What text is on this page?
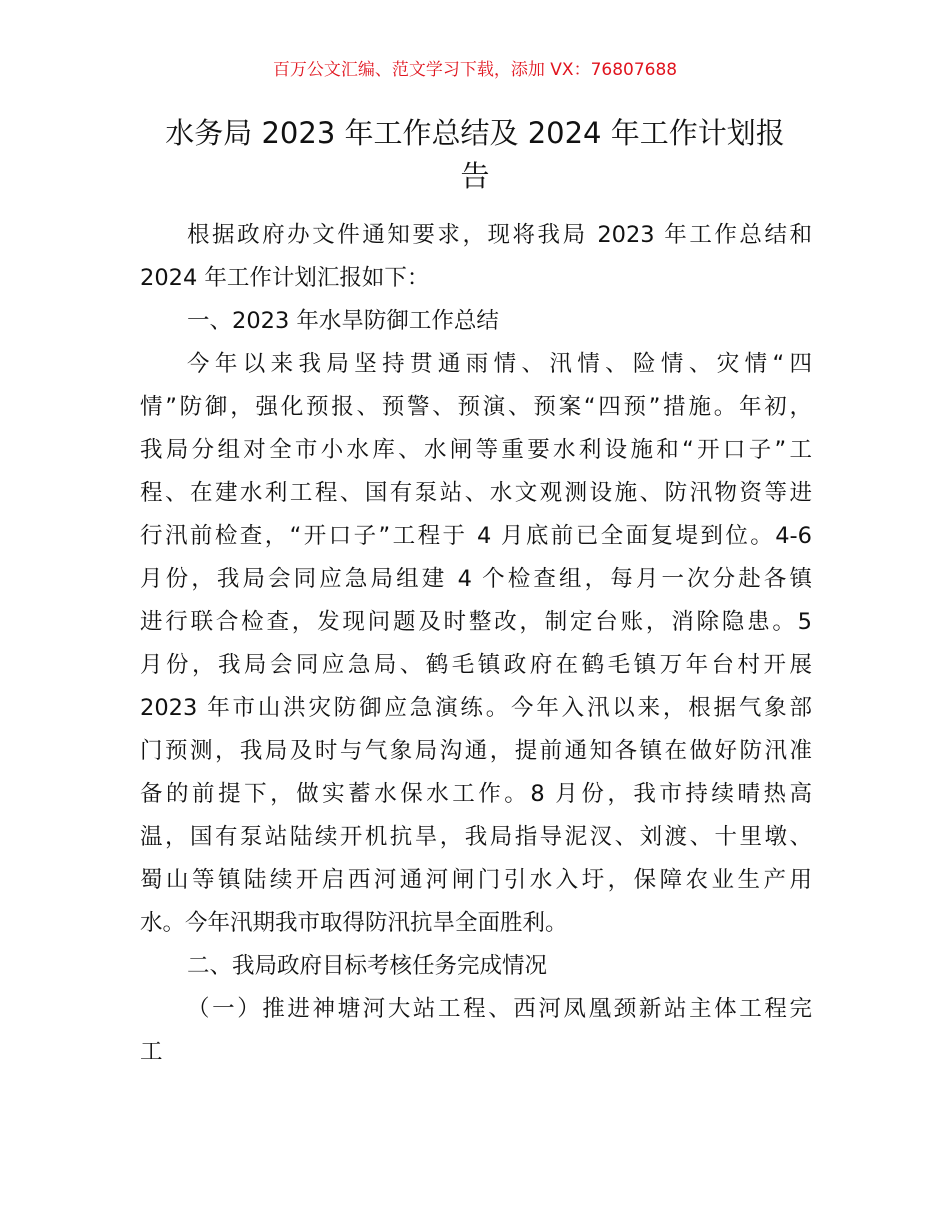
百万公文汇编、范文学习下载，添加 VX：76807688
水务局 2023 年工作总结及 2024 年工作计划报
告
根据政府办文件通知要求，现将我局 2023 年工作总结和
2024 年工作计划汇报如下：
一、2023 年水旱防御工作总结
今年以来我局坚持贯通雨情、汛情、险情、灾情“四
情”防御，强化预报、预警、预演、预案“四预”措施。年初，
我局分组对全市小水库、水闸等重要水利设施和“开口子”工
程、在建水利工程、国有泵站、水文观测设施、防汛物资等进
行汛前检查，“开口子”工程于 4 月底前已全面复堤到位。4-6
月份，我局会同应急局组建 4 个检查组，每月一次分赴各镇
进行联合检查，发现问题及时整改，制定台账，消除隐患。5
月份，我局会同应急局、鹤毛镇政府在鹤毛镇万年台村开展
2023 年市山洪灾防御应急演练。今年入汛以来，根据气象部
门预测，我局及时与气象局沟通，提前通知各镇在做好防汛准
备的前提下，做实蓄水保水工作。8 月份，我市持续晴热高
温，国有泵站陆续开机抗旱，我局指导泥汊、刘渡、十里墩、
蜀山等镇陆续开启西河通河闸门引水入圩，保障农业生产用
水。今年汛期我市取得防汛抗旱全面胜利。
二、我局政府目标考核任务完成情况
（一）推进神塘河大站工程、西河凤凰颈新站主体工程完
工
